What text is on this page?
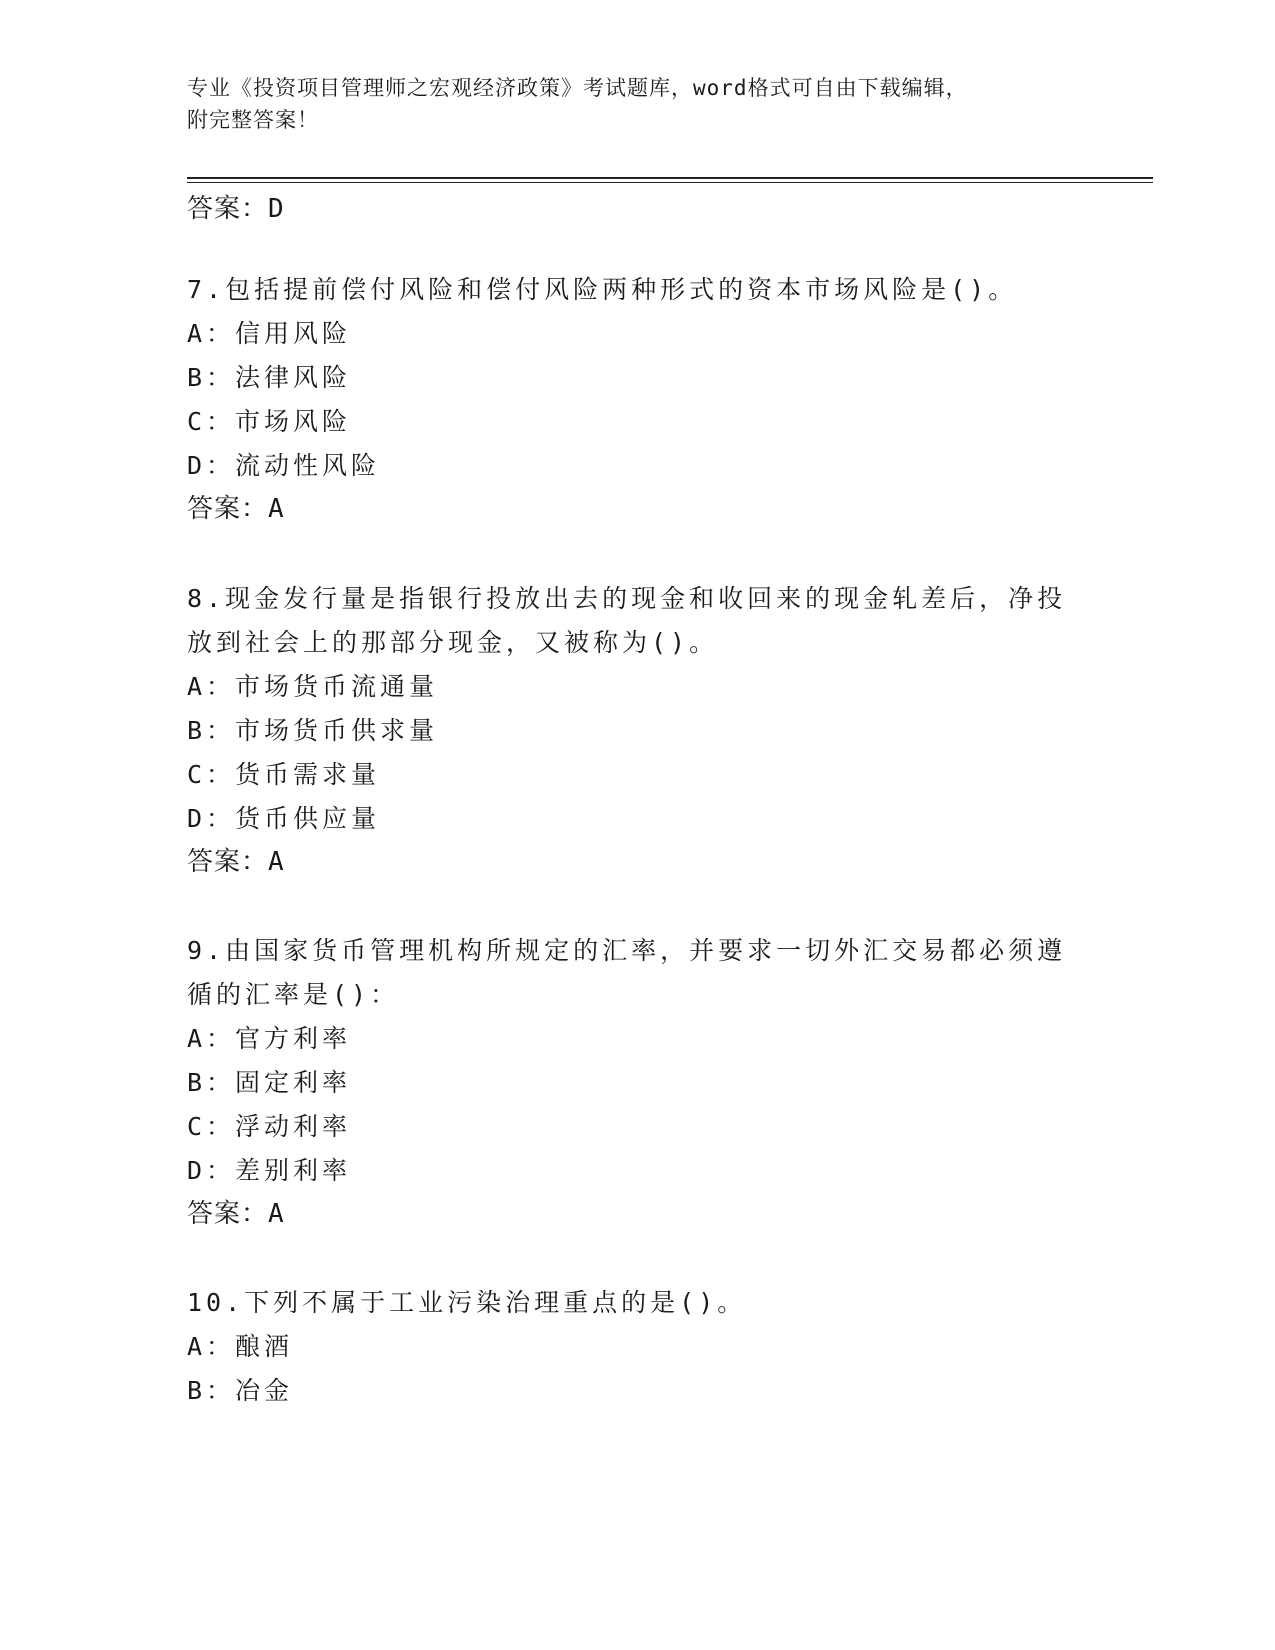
专业《投资项目管理师之宏观经济政策》考试题库，word格式可自由下载编辑，
附完整答案！
答案：D
7.包括提前偿付风险和偿付风险两种形式的资本市场风险是()。
A：信用风险
B：法律风险
C：市场风险
D：流动性风险
答案：A
8.现金发行量是指银行投放出去的现金和收回来的现金轧差后，净投
放到社会上的那部分现金，又被称为()。
A：市场货币流通量
B：市场货币供求量
C：货币需求量
D：货币供应量
答案：A
9.由国家货币管理机构所规定的汇率，并要求一切外汇交易都必须遵
循的汇率是()：
A：官方利率
B：固定利率
C：浮动利率
D：差别利率
答案：A
10.下列不属于工业污染治理重点的是()。
A：酿酒
B：冶金
